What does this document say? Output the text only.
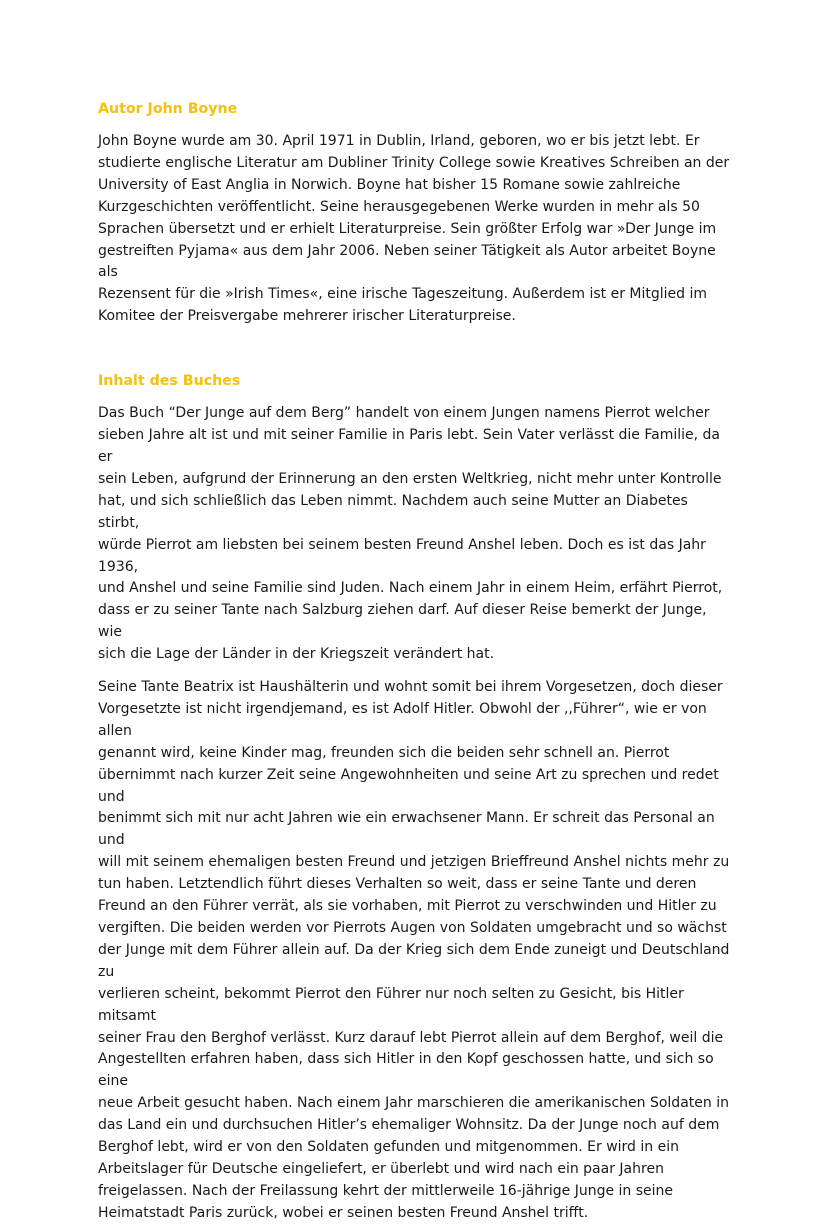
Autor John Boyne

John Boyne wurde am 30. April 1971 in Dublin, Irland, geboren, wo er bis jetzt lebt. Er
studierte englische Literatur am Dubliner Trinity College sowie Kreatives Schreiben an der
University of East Anglia in Norwich. Boyne hat bisher 15 Romane sowie zahlreiche
Kurzgeschichten veröffentlicht. Seine herausgegebenen Werke wurden in mehr als 50
Sprachen übersetzt und er erhielt Literaturpreise. Sein größter Erfolg war »Der Junge im
gestreiften Pyjama« aus dem Jahr 2006. Neben seiner Tätigkeit als Autor arbeitet Boyne als
Rezensent für die »Irish Times«, eine irische Tageszeitung. Außerdem ist er Mitglied im
Komitee der Preisvergabe mehrerer irischer Literaturpreise.

Inhalt des Buches

Das Buch “Der Junge auf dem Berg” handelt von einem Jungen namens Pierrot welcher
sieben Jahre alt ist und mit seiner Familie in Paris lebt. Sein Vater verlässt die Familie, da er
sein Leben, aufgrund der Erinnerung an den ersten Weltkrieg, nicht mehr unter Kontrolle
hat, und sich schließlich das Leben nimmt. Nachdem auch seine Mutter an Diabetes stirbt,
würde Pierrot am liebsten bei seinem besten Freund Anshel leben. Doch es ist das Jahr 1936,
und Anshel und seine Familie sind Juden. Nach einem Jahr in einem Heim, erfährt Pierrot,
dass er zu seiner Tante nach Salzburg ziehen darf. Auf dieser Reise bemerkt der Junge, wie
sich die Lage der Länder in der Kriegszeit verändert hat.

Seine Tante Beatrix ist Haushälterin und wohnt somit bei ihrem Vorgesetzen, doch dieser
Vorgesetzte ist nicht irgendjemand, es ist Adolf Hitler. Obwohl der ,,Führer“, wie er von allen
genannt wird, keine Kinder mag, freunden sich die beiden sehr schnell an. Pierrot
übernimmt nach kurzer Zeit seine Angewohnheiten und seine Art zu sprechen und redet und
benimmt sich mit nur acht Jahren wie ein erwachsener Mann. Er schreit das Personal an und
will mit seinem ehemaligen besten Freund und jetzigen Brieffreund Anshel nichts mehr zu
tun haben. Letztendlich führt dieses Verhalten so weit, dass er seine Tante und deren
Freund an den Führer verrät, als sie vorhaben, mit Pierrot zu verschwinden und Hitler zu
vergiften. Die beiden werden vor Pierrots Augen von Soldaten umgebracht und so wächst
der Junge mit dem Führer allein auf. Da der Krieg sich dem Ende zuneigt und Deutschland zu
verlieren scheint, bekommt Pierrot den Führer nur noch selten zu Gesicht, bis Hitler mitsamt
seiner Frau den Berghof verlässt. Kurz darauf lebt Pierrot allein auf dem Berghof, weil die
Angestellten erfahren haben, dass sich Hitler in den Kopf geschossen hatte, und sich so eine
neue Arbeit gesucht haben. Nach einem Jahr marschieren die amerikanischen Soldaten in
das Land ein und durchsuchen Hitler’s ehemaliger Wohnsitz. Da der Junge noch auf dem
Berghof lebt, wird er von den Soldaten gefunden und mitgenommen. Er wird in ein
Arbeitslager für Deutsche eingeliefert, er überlebt und wird nach ein paar Jahren
freigelassen. Nach der Freilassung kehrt der mittlerweile 16-jährige Junge in seine
Heimatstadt Paris zurück, wobei er seinen besten Freund Anshel trifft.
